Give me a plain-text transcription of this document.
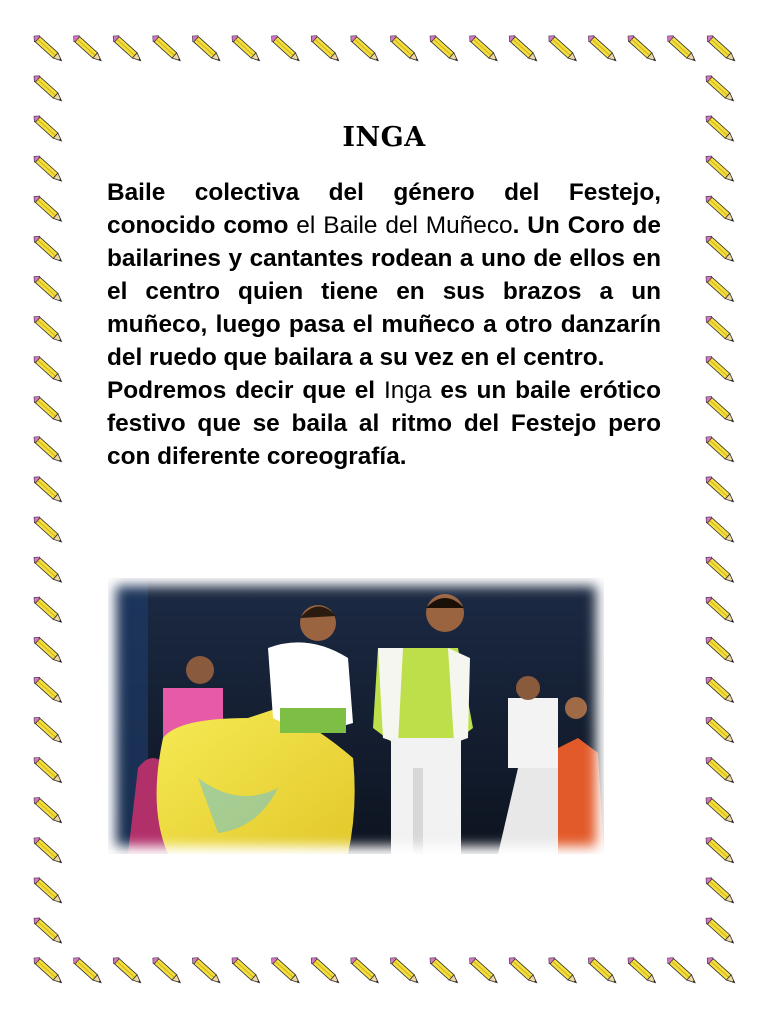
INGA

Baile colectiva del género del Festejo, conocido como el Baile del Muñeco. Un Coro de bailarines y cantantes rodean a uno de ellos en el centro quien tiene en sus brazos a un muñeco, luego pasa el muñeco a otro danzarín del ruedo que bailara a su vez en el centro.

Podremos decir que el Inga es un baile erótico festivo que se baila al ritmo del Festejo pero con diferente coreografía.
